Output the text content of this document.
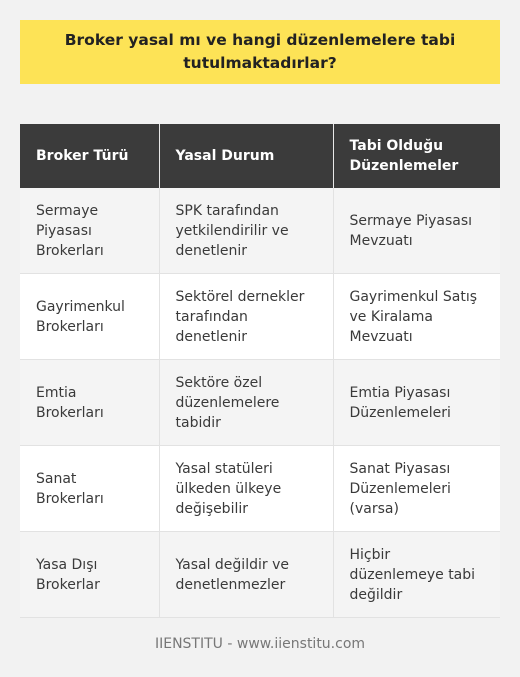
Broker yasal mı ve hangi düzenlemelere tabi tutulmaktadırlar?
Broker Türü	Yasal Durum	Tabi Olduğu Düzenlemeler
Sermaye Piyasası Brokerları	SPK tarafından yetkilendirilir ve denetlenir	Sermaye Piyasası Mevzuatı
Gayrimenkul Brokerları	Sektörel dernekler tarafından denetlenir	Gayrimenkul Satış ve Kiralama Mevzuatı
Emtia Brokerları	Sektöre özel düzenlemelere tabidir	Emtia Piyasası Düzenlemeleri
Sanat Brokerları	Yasal statüleri ülkeden ülkeye değişebilir	Sanat Piyasası Düzenlemeleri (varsa)
Yasa Dışı Brokerlar	Yasal değildir ve denetlenmezler	Hiçbir düzenlemeye tabi değildir
IIENSTITU - www.iienstitu.com
